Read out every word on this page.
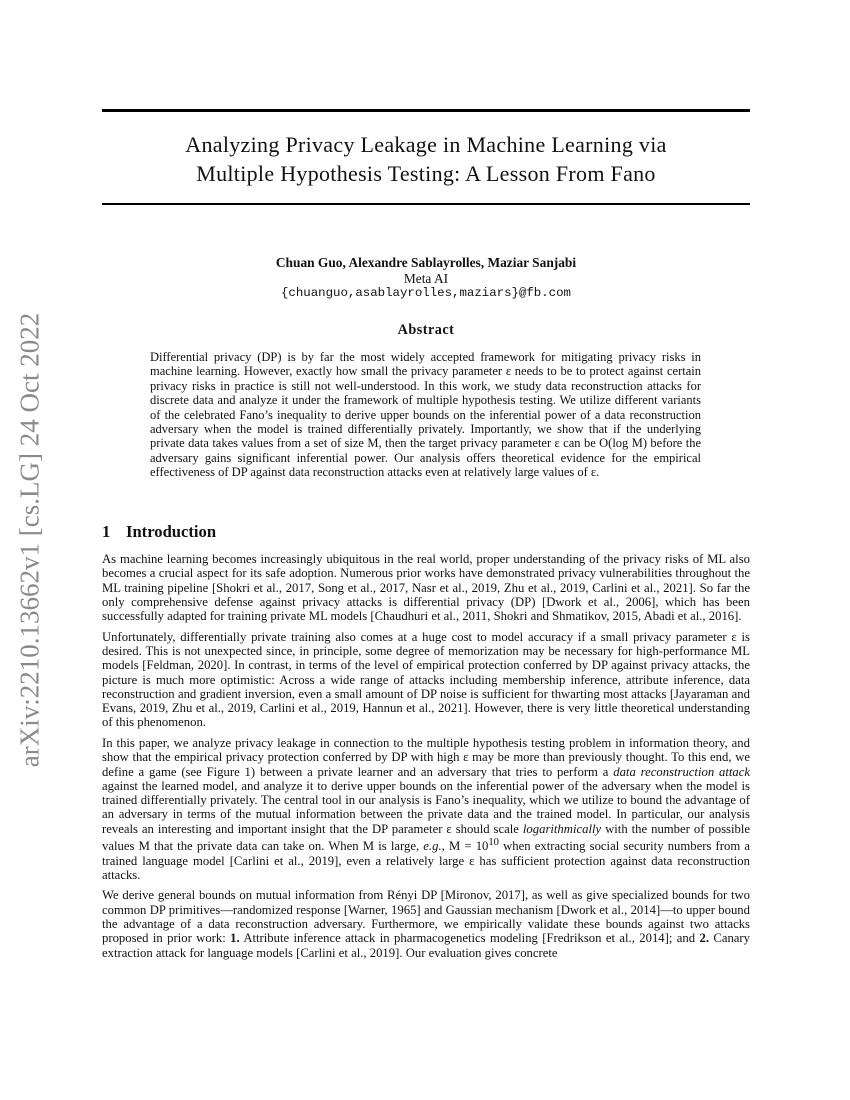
arXiv:2210.13662v1 [cs.LG] 24 Oct 2022
Analyzing Privacy Leakage in Machine Learning via
Multiple Hypothesis Testing: A Lesson From Fano
Chuan Guo, Alexandre Sablayrolles, Maziar Sanjabi
Meta AI
{chuanguo,asablayrolles,maziars}@fb.com
Abstract
Differential privacy (DP) is by far the most widely accepted framework for mitigating privacy risks in machine learning. However, exactly how small the privacy parameter ε needs to be to protect against certain privacy risks in practice is still not well-understood. In this work, we study data reconstruction attacks for discrete data and analyze it under the framework of multiple hypothesis testing. We utilize different variants of the celebrated Fano’s inequality to derive upper bounds on the inferential power of a data reconstruction adversary when the model is trained differentially privately. Importantly, we show that if the underlying private data takes values from a set of size M, then the target privacy parameter ε can be O(log M) before the adversary gains significant inferential power. Our analysis offers theoretical evidence for the empirical effectiveness of DP against data reconstruction attacks even at relatively large values of ε.
1 Introduction

As machine learning becomes increasingly ubiquitous in the real world, proper understanding of the privacy risks of ML also becomes a crucial aspect for its safe adoption. Numerous prior works have demonstrated privacy vulnerabilities throughout the ML training pipeline [Shokri et al., 2017, Song et al., 2017, Nasr et al., 2019, Zhu et al., 2019, Carlini et al., 2021]. So far the only comprehensive defense against privacy attacks is differential privacy (DP) [Dwork et al., 2006], which has been successfully adapted for training private ML models [Chaudhuri et al., 2011, Shokri and Shmatikov, 2015, Abadi et al., 2016].

Unfortunately, differentially private training also comes at a huge cost to model accuracy if a small privacy parameter ε is desired. This is not unexpected since, in principle, some degree of memorization may be necessary for high-performance ML models [Feldman, 2020]. In contrast, in terms of the level of empirical protection conferred by DP against privacy attacks, the picture is much more optimistic: Across a wide range of attacks including membership inference, attribute inference, data reconstruction and gradient inversion, even a small amount of DP noise is sufficient for thwarting most attacks [Jayaraman and Evans, 2019, Zhu et al., 2019, Carlini et al., 2019, Hannun et al., 2021]. However, there is very little theoretical understanding of this phenomenon.

In this paper, we analyze privacy leakage in connection to the multiple hypothesis testing problem in information theory, and show that the empirical privacy protection conferred by DP with high ε may be more than previously thought. To this end, we define a game (see Figure 1) between a private learner and an adversary that tries to perform a data reconstruction attack against the learned model, and analyze it to derive upper bounds on the inferential power of the adversary when the model is trained differentially privately. The central tool in our analysis is Fano’s inequality, which we utilize to bound the advantage of an adversary in terms of the mutual information between the private data and the trained model. In particular, our analysis reveals an interesting and important insight that the DP parameter ε should scale logarithmically with the number of possible values M that the private data can take on. When M is large, e.g., $M = 10^{10}$ when extracting social security numbers from a trained language model [Carlini et al., 2019], even a relatively large ε has sufficient protection against data reconstruction attacks.

We derive general bounds on mutual information from Rényi DP [Mironov, 2017], as well as give specialized bounds for two common DP primitives—randomized response [Warner, 1965] and Gaussian mechanism [Dwork et al., 2014]—to upper bound the advantage of a data reconstruction adversary. Furthermore, we empirically validate these bounds against two attacks proposed in prior work: 1. Attribute inference attack in pharmacogenetics modeling [Fredrikson et al., 2014]; and 2. Canary extraction attack for language models [Carlini et al., 2019]. Our evaluation gives concrete
